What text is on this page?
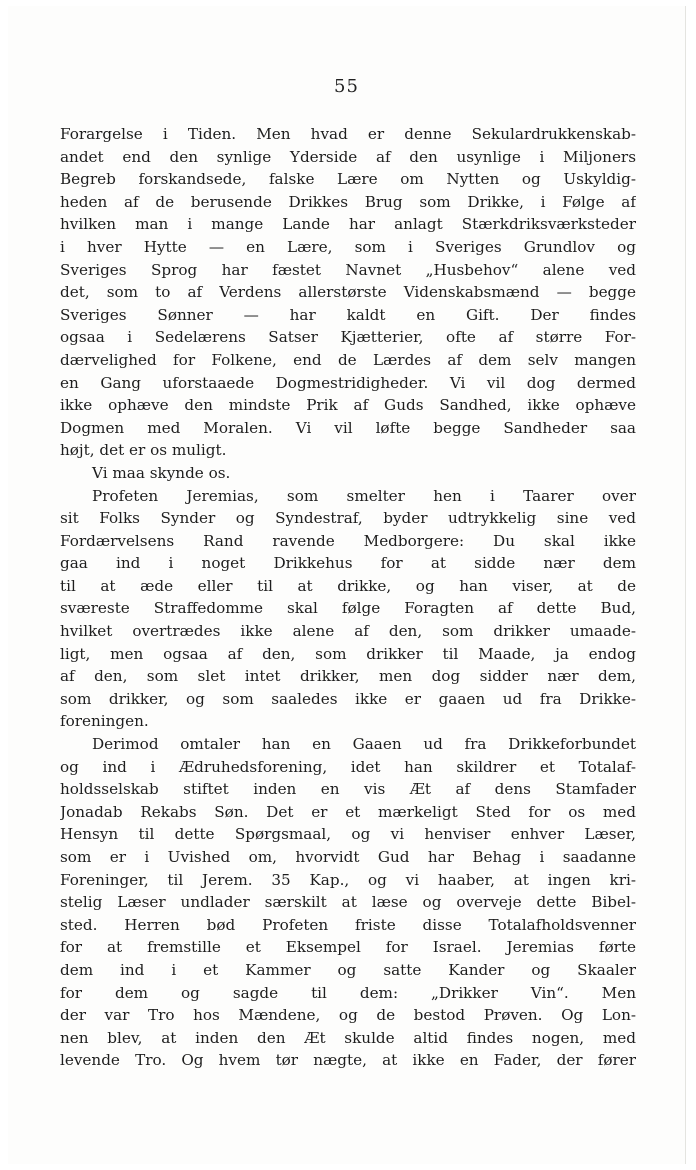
55
Forargelse i Tiden. Men hvad er denne Sekulardrukkenskab-
andet end den synlige Yderside af den usynlige i Miljoners
Begreb forskandsede, falske Lære om Nytten og Uskyldig-
heden af de berusende Drikkes Brug som Drikke, i Følge af
hvilken man i mange Lande har anlagt Stærkdriksværksteder
i hver Hytte — en Lære, som i Sveriges Grundlov og
Sveriges Sprog har fæstet Navnet „Husbehov“ alene ved
det, som to af Verdens allerstørste Videnskabsmænd — begge
Sveriges Sønner — har kaldt en Gift. Der findes
ogsaa i Sedelærens Satser Kjætterier, ofte af større For-
dærvelighed for Folkene, end de Lærdes af dem selv mangen
en Gang uforstaaede Dogmestridigheder. Vi vil dog dermed
ikke ophæve den mindste Prik af Guds Sandhed, ikke ophæve
Dogmen med Moralen. Vi vil løfte begge Sandheder saa
højt, det er os muligt.
Vi maa skynde os.
Profeten Jeremias, som smelter hen i Taarer over
sit Folks Synder og Syndestraf, byder udtrykkelig sine ved
Fordærvelsens Rand ravende Medborgere: Du skal ikke
gaa ind i noget Drikkehus for at sidde nær dem
til at æde eller til at drikke, og han viser, at de
sværeste Straffedomme skal følge Foragten af dette Bud,
hvilket overtrædes ikke alene af den, som drikker umaade-
ligt, men ogsaa af den, som drikker til Maade, ja endog
af den, som slet intet drikker, men dog sidder nær dem,
som drikker, og som saaledes ikke er gaaen ud fra Drikke-
foreningen.
Derimod omtaler han en Gaaen ud fra Drikkeforbundet
og ind i Ædruhedsforening, idet han skildrer et Totalaf-
holdsselskab stiftet inden en vis Æt af dens Stamfader
Jonadab Rekabs Søn. Det er et mærkeligt Sted for os med
Hensyn til dette Spørgsmaal, og vi henviser enhver Læser,
som er i Uvished om, hvorvidt Gud har Behag i saadanne
Foreninger, til Jerem. 35 Kap., og vi haaber, at ingen kri-
stelig Læser undlader særskilt at læse og overveje dette Bibel-
sted. Herren bød Profeten friste disse Totalafholdsvenner
for at fremstille et Eksempel for Israel. Jeremias førte
dem ind i et Kammer og satte Kander og Skaaler
for dem og sagde til dem: „Drikker Vin“. Men
der var Tro hos Mændene, og de bestod Prøven. Og Lon-
nen blev, at inden den Æt skulde altid findes nogen, med
levende Tro. Og hvem tør nægte, at ikke en Fader, der fører
